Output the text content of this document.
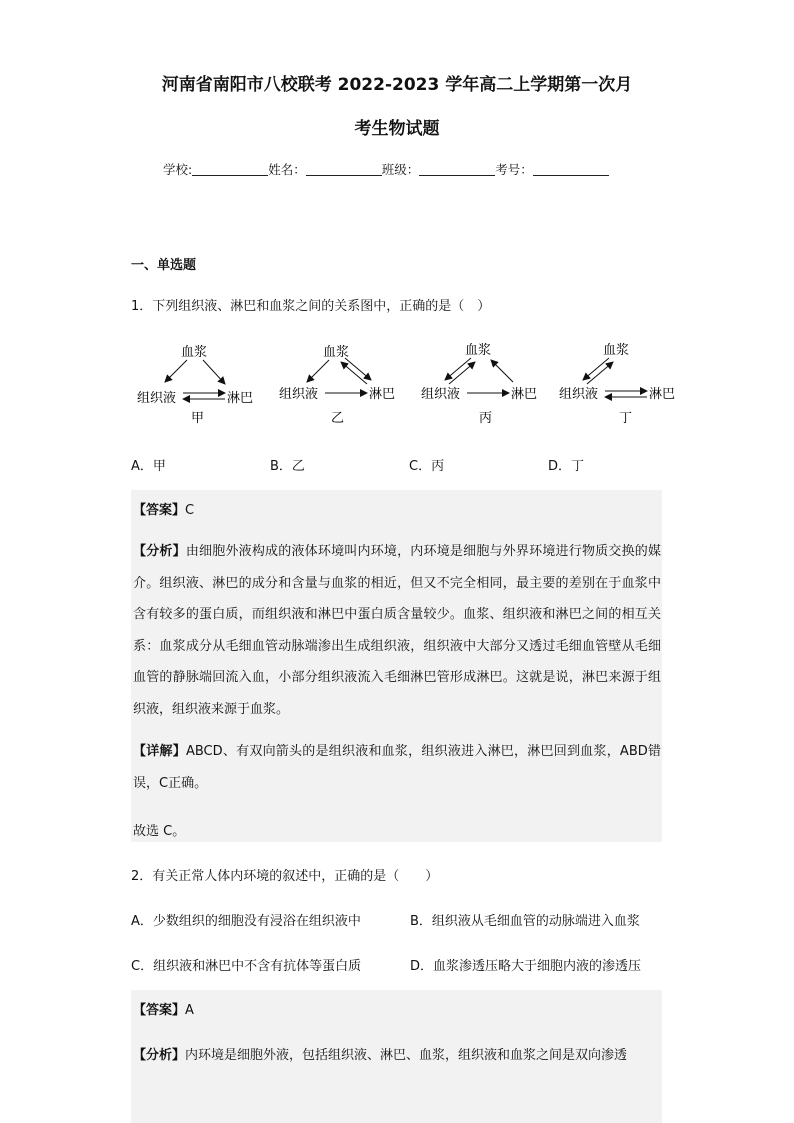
河南省南阳市八校联考 2022-2023 学年高二上学期第一次月
考生物试题
学校:	姓名：	班级：	考号：
一、单选题
1．下列组织液、淋巴和血浆之间的关系图中，正确的是（　）
血浆
组织液	淋巴
甲
血浆
组织液	淋巴
乙
血浆
组织液	淋巴
丙
血浆
组织液	淋巴
丁
A．甲	B．乙	C．丙	D．丁
【答案】C
【分析】由细胞外液构成的液体环境叫内环境，内环境是细胞与外界环境进行物质交换的媒介。组织液、淋巴的成分和含量与血浆的相近，但又不完全相同，最主要的差别在于血浆中含有较多的蛋白质，而组织液和淋巴中蛋白质含量较少。血浆、组织液和淋巴之间的相互关系：血浆成分从毛细血管动脉端渗出生成组织液，组织液中大部分又透过毛细血管壁从毛细血管的静脉端回流入血，小部分组织液流入毛细淋巴管形成淋巴。这就是说，淋巴来源于组织液，组织液来源于血浆。
【详解】ABCD、有双向箭头的是组织液和血浆，组织液进入淋巴，淋巴回到血浆，ABD错误，C正确。
故选 C。
2．有关正常人体内环境的叙述中，正确的是（　　）
A．少数组织的细胞没有浸浴在组织液中	B．组织液从毛细血管的动脉端进入血浆
C．组织液和淋巴中不含有抗体等蛋白质	D．血浆渗透压略大于细胞内液的渗透压
【答案】A
【分析】内环境是细胞外液，包括组织液、淋巴、血浆，组织液和血浆之间是双向渗透
